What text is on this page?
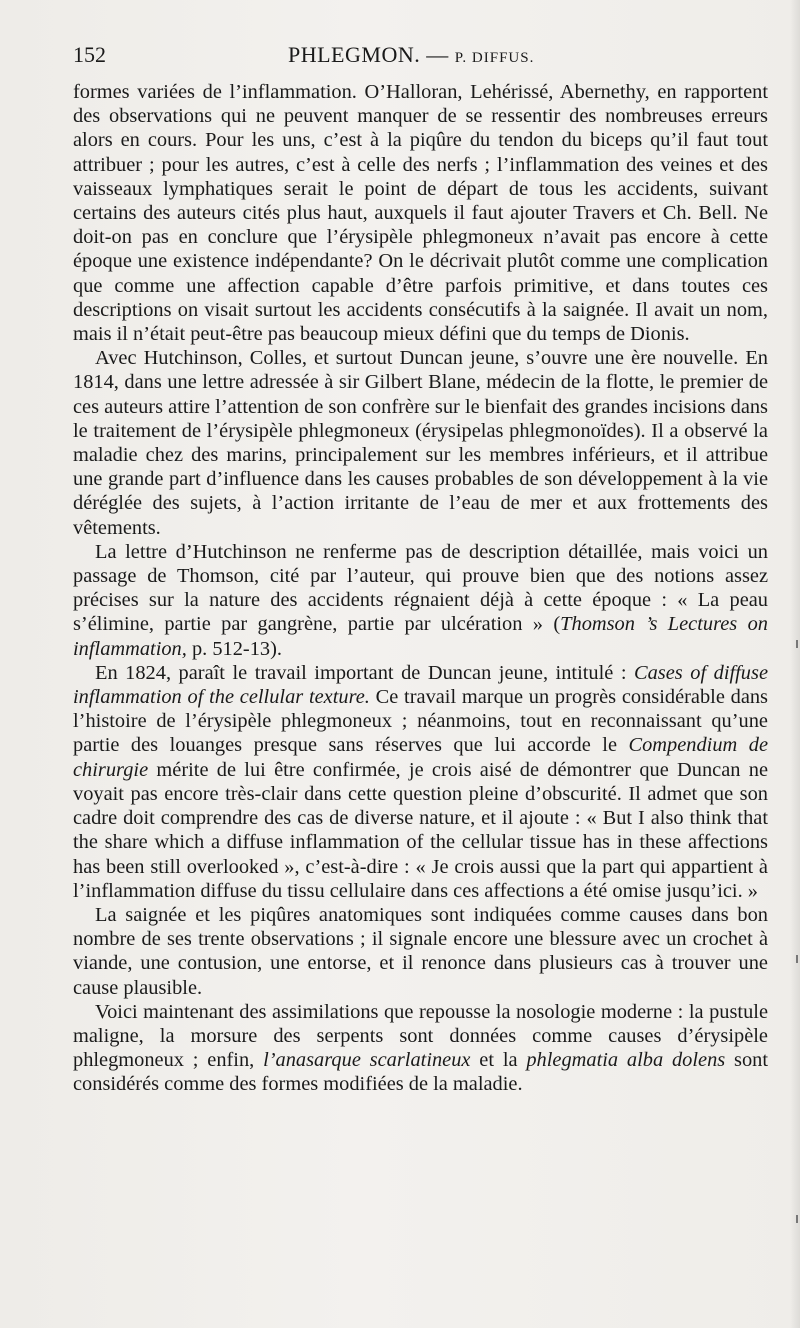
152	PHLEGMON. — P. DIFFUS.

formes variées de l’inflammation. O’Halloran, Lehérissé, Abernethy, en rapportent des observations qui ne peuvent manquer de se ressentir des nombreuses erreurs alors en cours. Pour les uns, c’est à la piqûre du tendon du biceps qu’il faut tout attribuer ; pour les autres, c’est à celle des nerfs ; l’inflammation des veines et des vaisseaux lymphatiques serait le point de départ de tous les accidents, suivant certains des auteurs cités plus haut, auxquels il faut ajouter Travers et Ch. Bell. Ne doit-on pas en conclure que l’érysipèle phlegmoneux n’avait pas encore à cette époque une existence indépendante? On le décrivait plutôt comme une complication que comme une affection capable d’être parfois primitive, et dans toutes ces descriptions on visait surtout les accidents consécutifs à la saignée. Il avait un nom, mais il n’était peut-être pas beaucoup mieux défini que du temps de Dionis.

Avec Hutchinson, Colles, et surtout Duncan jeune, s’ouvre une ère nouvelle. En 1814, dans une lettre adressée à sir Gilbert Blane, médecin de la flotte, le premier de ces auteurs attire l’attention de son confrère sur le bienfait des grandes incisions dans le traitement de l’érysipèle phlegmoneux (érysipelas phlegmonoïdes). Il a observé la maladie chez des marins, principalement sur les membres inférieurs, et il attribue une grande part d’influence dans les causes probables de son développement à la vie déréglée des sujets, à l’action irritante de l’eau de mer et aux frottements des vêtements.

La lettre d’Hutchinson ne renferme pas de description détaillée, mais voici un passage de Thomson, cité par l’auteur, qui prouve bien que des notions assez précises sur la nature des accidents régnaient déjà à cette époque : « La peau s’élimine, partie par gangrène, partie par ulcération » (Thomson ’s Lectures on inflammation, p. 512-13).

En 1824, paraît le travail important de Duncan jeune, intitulé : Cases of diffuse inflammation of the cellular texture. Ce travail marque un progrès considérable dans l’histoire de l’érysipèle phlegmoneux ; néanmoins, tout en reconnaissant qu’une partie des louanges presque sans réserves que lui accorde le Compendium de chirurgie mérite de lui être confirmée, je crois aisé de démontrer que Duncan ne voyait pas encore très-clair dans cette question pleine d’obscurité. Il admet que son cadre doit comprendre des cas de diverse nature, et il ajoute : « But I also think that the share which a diffuse inflammation of the cellular tissue has in these affections has been still overlooked », c’est-à-dire : « Je crois aussi que la part qui appartient à l’inflammation diffuse du tissu cellulaire dans ces affections a été omise jusqu’ici. »

La saignée et les piqûres anatomiques sont indiquées comme causes dans bon nombre de ses trente observations ; il signale encore une blessure avec un crochet à viande, une contusion, une entorse, et il renonce dans plusieurs cas à trouver une cause plausible.

Voici maintenant des assimilations que repousse la nosologie moderne : la pustule maligne, la morsure des serpents sont données comme causes d’érysipèle phlegmoneux ; enfin, l’anasarque scarlatineux et la phlegmatia alba dolens sont considérés comme des formes modifiées de la maladie.
